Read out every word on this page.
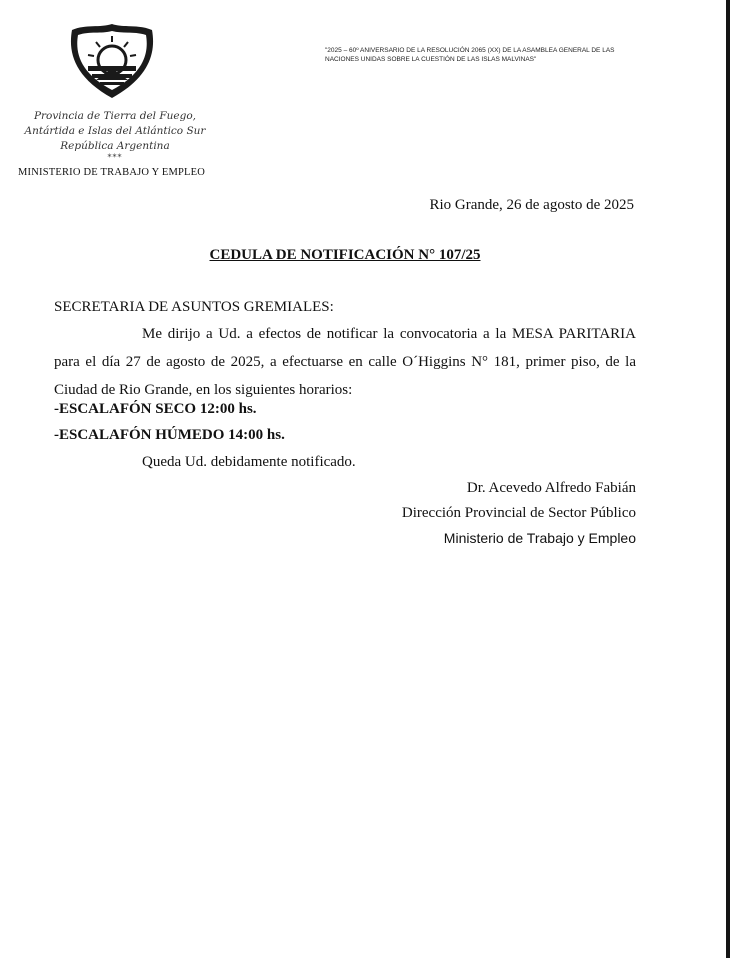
Provincia de Tierra del Fuego,
Antártida e Islas del Atlántico Sur
República Argentina
***
MINISTERIO DE TRABAJO Y EMPLEO
"2025 – 60º ANIVERSARIO DE LA RESOLUCIÓN 2065 (XX) DE LA ASAMBLEA GENERAL DE LAS
NACIONES UNIDAS SOBRE LA CUESTIÓN DE LAS ISLAS MALVINAS"
Rio Grande, 26 de agosto de 2025
CEDULA DE NOTIFICACIÓN N° 107/25
SECRETARIA DE ASUNTOS GREMIALES:

Me dirijo a Ud. a efectos de notificar la convocatoria a la MESA PARITARIA para el día 27 de agosto de 2025, a efectuarse en calle O´Higgins N° 181, primer piso, de la Ciudad de Rio Grande, en los siguientes horarios:

-ESCALAFÓN SECO 12:00 hs.
-ESCALAFÓN HÚMEDO 14:00 hs.
Queda Ud. debidamente notificado.
Dr. Acevedo Alfredo Fabián
Dirección Provincial de Sector Público
Ministerio de Trabajo y Empleo
